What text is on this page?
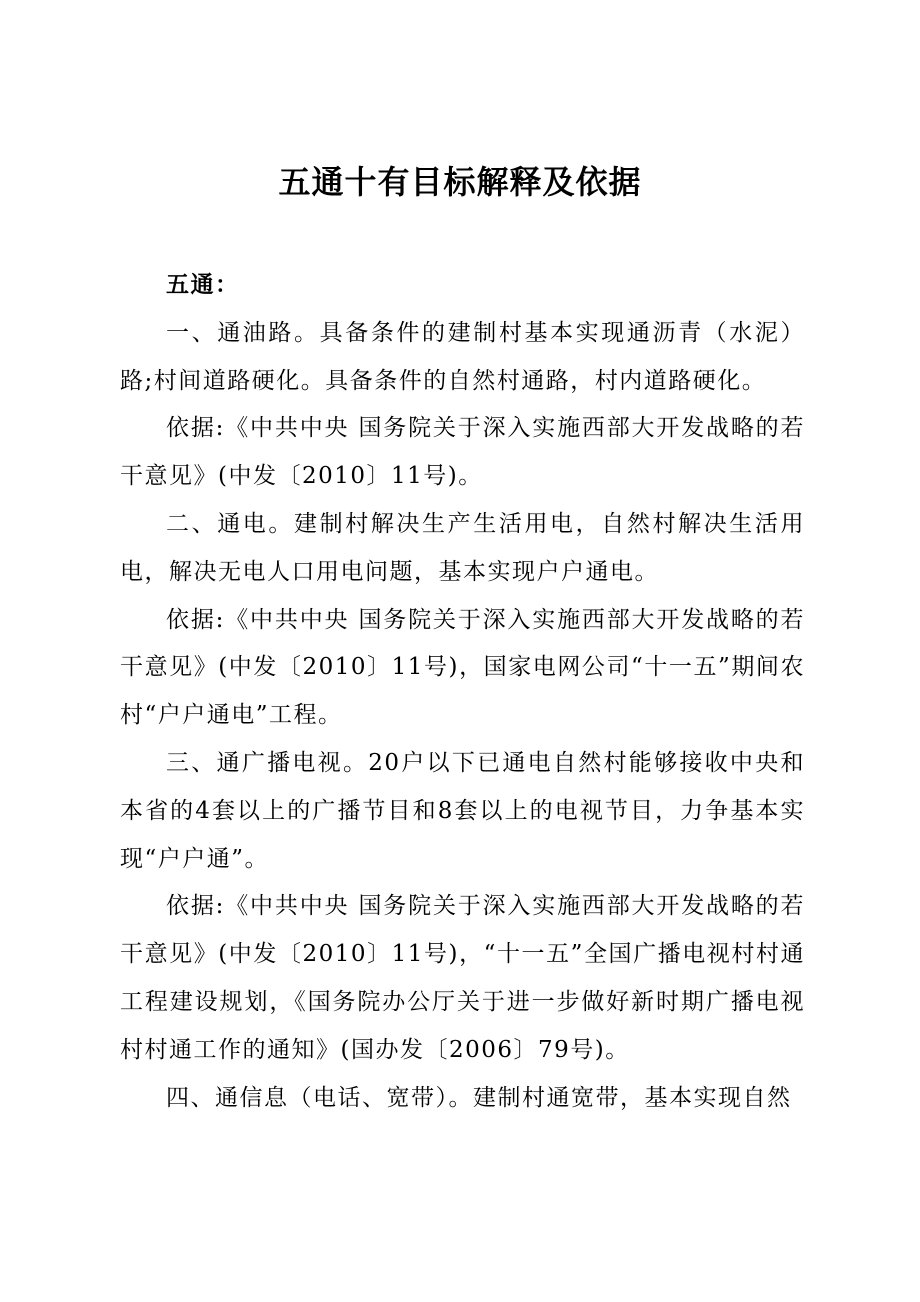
五通十有目标解释及依据

五通：

一、通油路。具备条件的建制村基本实现通沥青（水泥）路;村间道路硬化。具备条件的自然村通路，村内道路硬化。

依据:《中共中央 国务院关于深入实施西部大开发战略的若干意见》(中发〔2010〕11号)。

二、通电。建制村解决生产生活用电，自然村解决生活用电，解决无电人口用电问题，基本实现户户通电。

依据:《中共中央 国务院关于深入实施西部大开发战略的若干意见》(中发〔2010〕11号)，国家电网公司“十一五”期间农村“户户通电”工程。

三、通广播电视。20户以下已通电自然村能够接收中央和本省的4套以上的广播节目和8套以上的电视节目，力争基本实现“户户通”。

依据:《中共中央 国务院关于深入实施西部大开发战略的若干意见》(中发〔2010〕11号)，“十一五”全国广播电视村村通工程建设规划，《国务院办公厅关于进一步做好新时期广播电视村村通工作的通知》(国办发〔2006〕79号)。

四、通信息（电话、宽带）。建制村通宽带，基本实现自然
